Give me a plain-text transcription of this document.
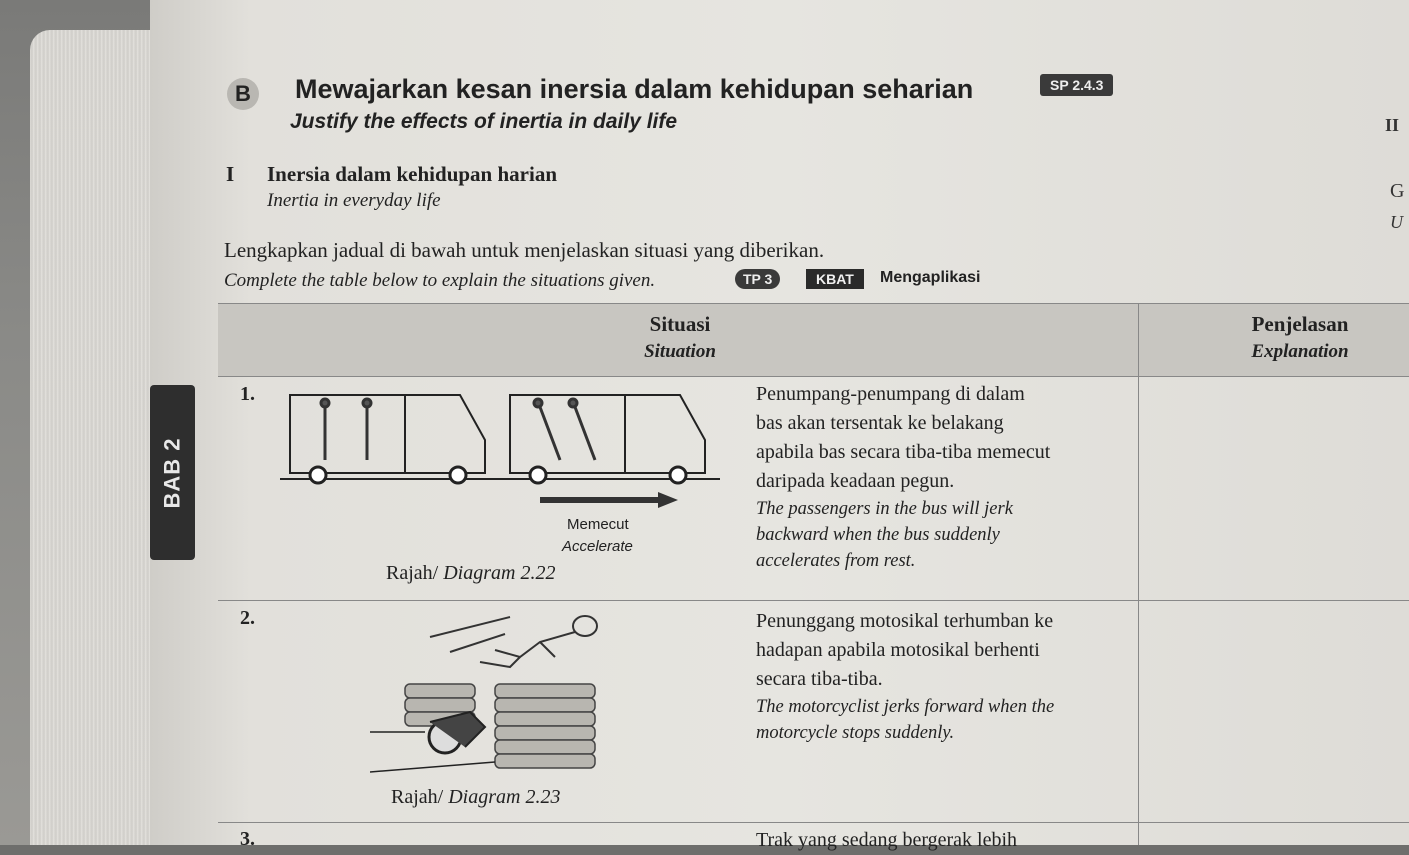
BAB 2
B Mewajarkan kesan inersia dalam kehidupan seharian	SP 2.4.3
Justify the effects of inertia in daily life
I Inersia dalam kehidupan harian
Inertia in everyday life
II
G
U
Lengkapkan jadual di bawah untuk menjelaskan situasi yang diberikan.
Complete the table below to explain the situations given.	TP 3	KBAT	Mengaplikasi
Situasi
Situation
Penjelasan
Explanation
1.
Memecut
Accelerate
Rajah/ Diagram 2.22
Penumpang-penumpang di dalam
bas akan tersentak ke belakang
apabila bas secara tiba-tiba memecut
daripada keadaan pegun.
The passengers in the bus will jerk
backward when the bus suddenly
accelerates from rest.
2.
Rajah/ Diagram 2.23
Penunggang motosikal terhumban ke
hadapan apabila motosikal berhenti
secara tiba-tiba.
The motorcyclist jerks forward when the
motorcycle stops suddenly.
3.	Trak yang sedang bergerak lebih
